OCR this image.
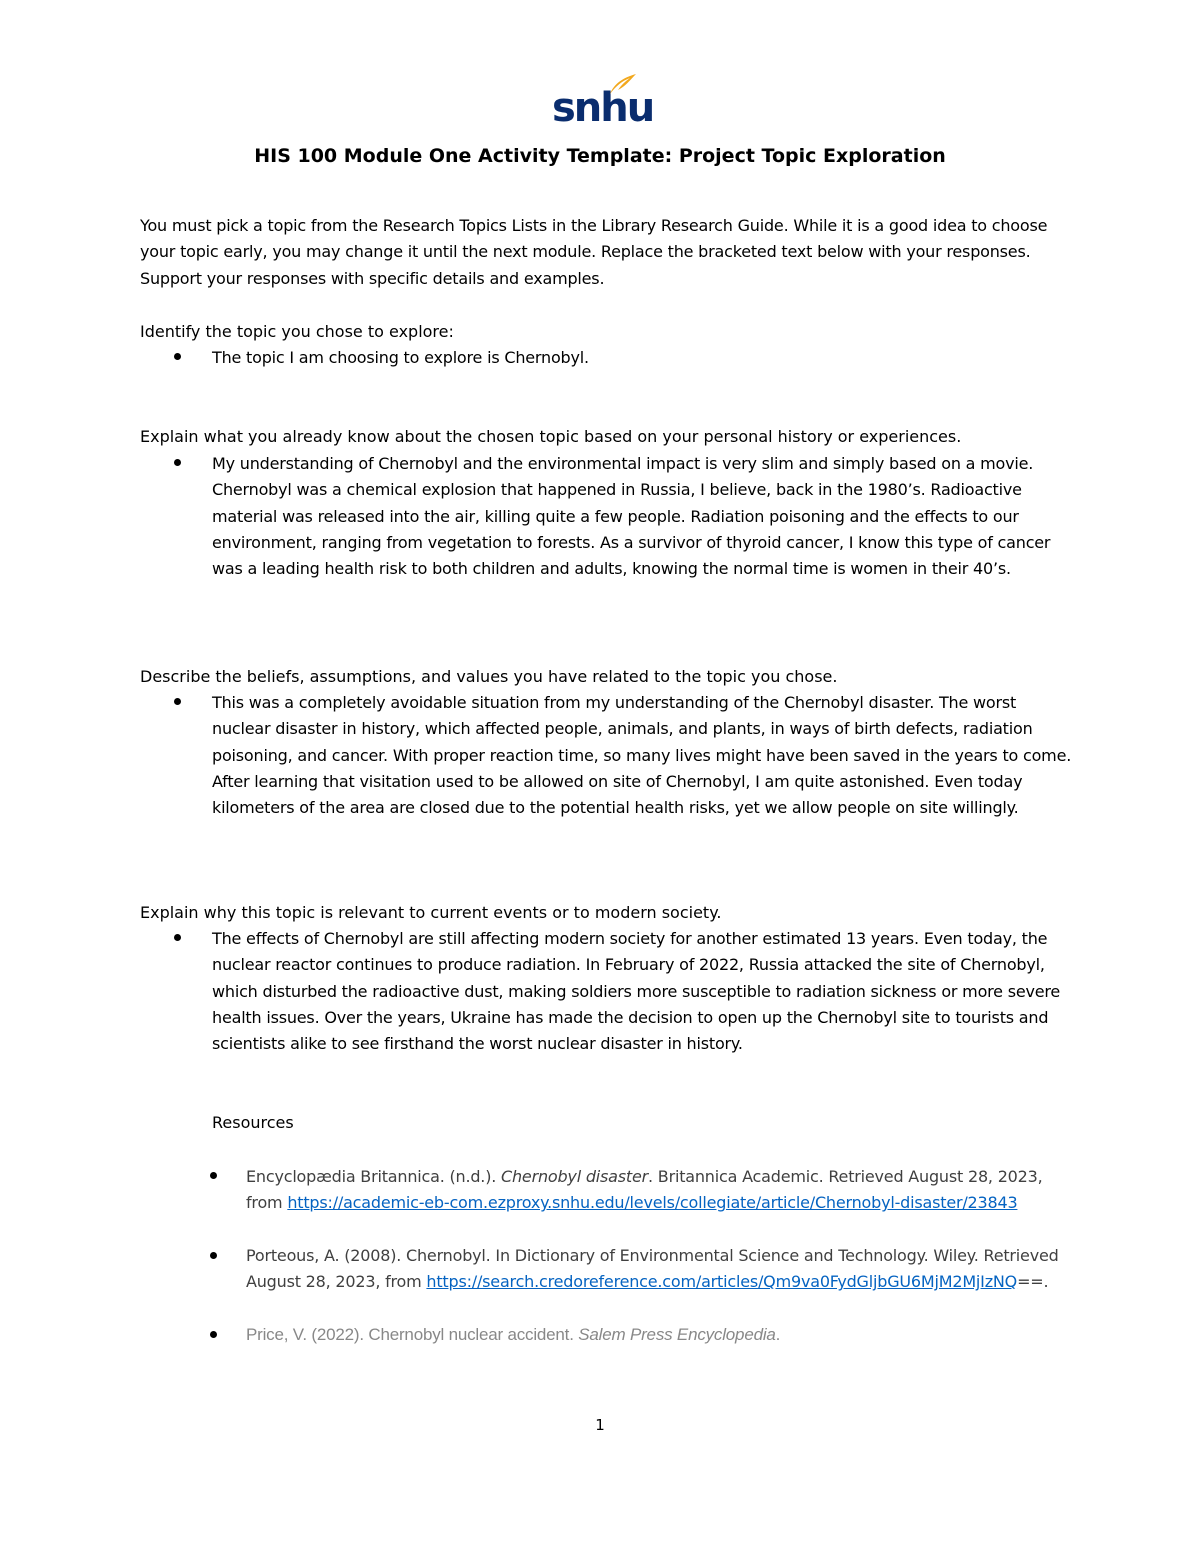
snhu
HIS 100 Module One Activity Template: Project Topic Exploration
You must pick a topic from the Research Topics Lists in the Library Research Guide. While it is a good idea to choose your topic early, you may change it until the next module. Replace the bracketed text below with your responses. Support your responses with specific details and examples.
Identify the topic you chose to explore:
The topic I am choosing to explore is Chernobyl.
Explain what you already know about the chosen topic based on your personal history or experiences.
My understanding of Chernobyl and the environmental impact is very slim and simply based on a movie. Chernobyl was a chemical explosion that happened in Russia, I believe, back in the 1980’s. Radioactive material was released into the air, killing quite a few people. Radiation poisoning and the effects to our environment, ranging from vegetation to forests. As a survivor of thyroid cancer, I know this type of cancer was a leading health risk to both children and adults, knowing the normal time is women in their 40’s.
Describe the beliefs, assumptions, and values you have related to the topic you chose.
This was a completely avoidable situation from my understanding of the Chernobyl disaster. The worst nuclear disaster in history, which affected people, animals, and plants, in ways of birth defects, radiation poisoning, and cancer. With proper reaction time, so many lives might have been saved in the years to come. After learning that visitation used to be allowed on site of Chernobyl, I am quite astonished. Even today kilometers of the area are closed due to the potential health risks, yet we allow people on site willingly.
Explain why this topic is relevant to current events or to modern society.
The effects of Chernobyl are still affecting modern society for another estimated 13 years. Even today, the nuclear reactor continues to produce radiation. In February of 2022, Russia attacked the site of Chernobyl, which disturbed the radioactive dust, making soldiers more susceptible to radiation sickness or more severe health issues. Over the years, Ukraine has made the decision to open up the Chernobyl site to tourists and scientists alike to see firsthand the worst nuclear disaster in history.
Resources
Encyclopædia Britannica. (n.d.). Chernobyl disaster. Britannica Academic. Retrieved August 28, 2023, from https://academic-eb-com.ezproxy.snhu.edu/levels/collegiate/article/Chernobyl-disaster/23843
Porteous, A. (2008). Chernobyl. In Dictionary of Environmental Science and Technology. Wiley. Retrieved August 28, 2023, from https://search.credoreference.com/articles/Qm9va0FydGljbGU6MjM2MjIzNQ==.
Price, V. (2022). Chernobyl nuclear accident. Salem Press Encyclopedia.
1
